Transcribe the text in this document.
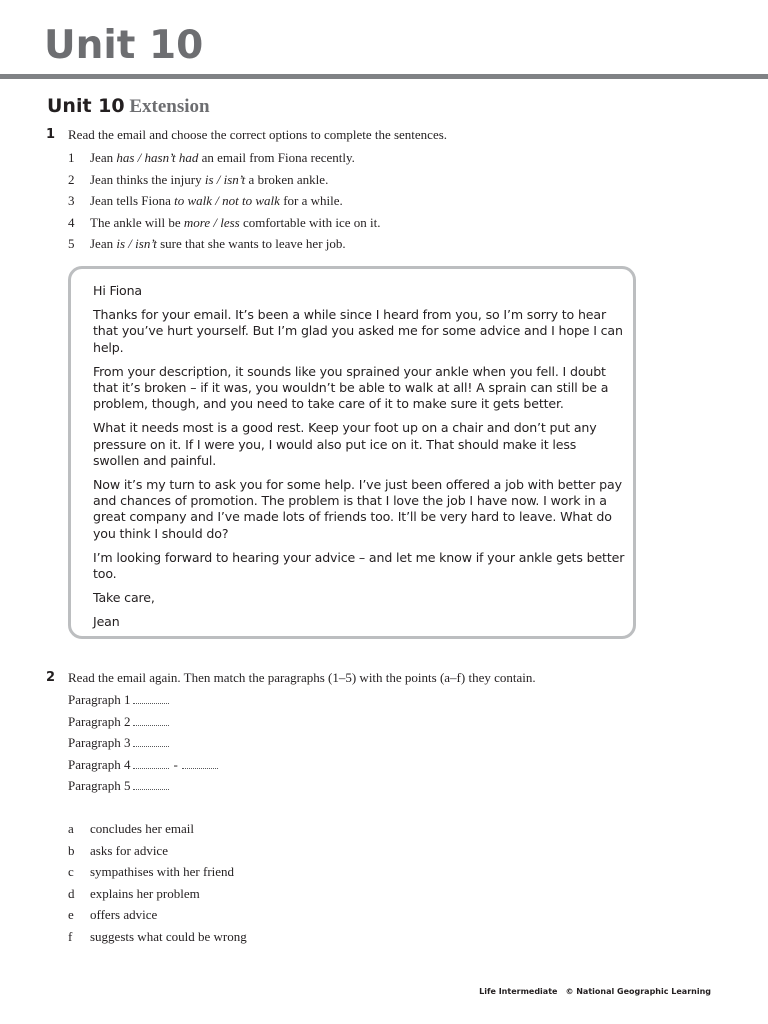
Unit 10
Unit 10 Extension
1 Read the email and choose the correct options to complete the sentences.
1 Jean has / hasn’t had an email from Fiona recently.
2 Jean thinks the injury is / isn’t a broken ankle.
3 Jean tells Fiona to walk / not to walk for a while.
4 The ankle will be more / less comfortable with ice on it.
5 Jean is / isn’t sure that she wants to leave her job.

Hi Fiona

Thanks for your email. It’s been a while since I heard from you, so I’m sorry to hear that you’ve hurt yourself. But I’m glad you asked me for some advice and I hope I can help.

From your description, it sounds like you sprained your ankle when you fell. I doubt that it’s broken – if it was, you wouldn’t be able to walk at all! A sprain can still be a problem, though, and you need to take care of it to make sure it gets better.

What it needs most is a good rest. Keep your foot up on a chair and don’t put any pressure on it. If I were you, I would also put ice on it. That should make it less swollen and painful.

Now it’s my turn to ask you for some help. I’ve just been offered a job with better pay and chances of promotion. The problem is that I love the job I have now. I work in a great company and I’ve made lots of friends too. It’ll be very hard to leave. What do you think I should do?

I’m looking forward to hearing your advice – and let me know if your ankle gets better too.

Take care,

Jean

2 Read the email again. Then match the paragraphs (1–5) with the points (a–f) they contain.
Paragraph 1
Paragraph 2
Paragraph 3
Paragraph 4	-
Paragraph 5
a concludes her email
b asks for advice
c sympathises with her friend
d explains her problem
e offers advice
f suggests what could be wrong
Life Intermediate © National Geographic Learning
